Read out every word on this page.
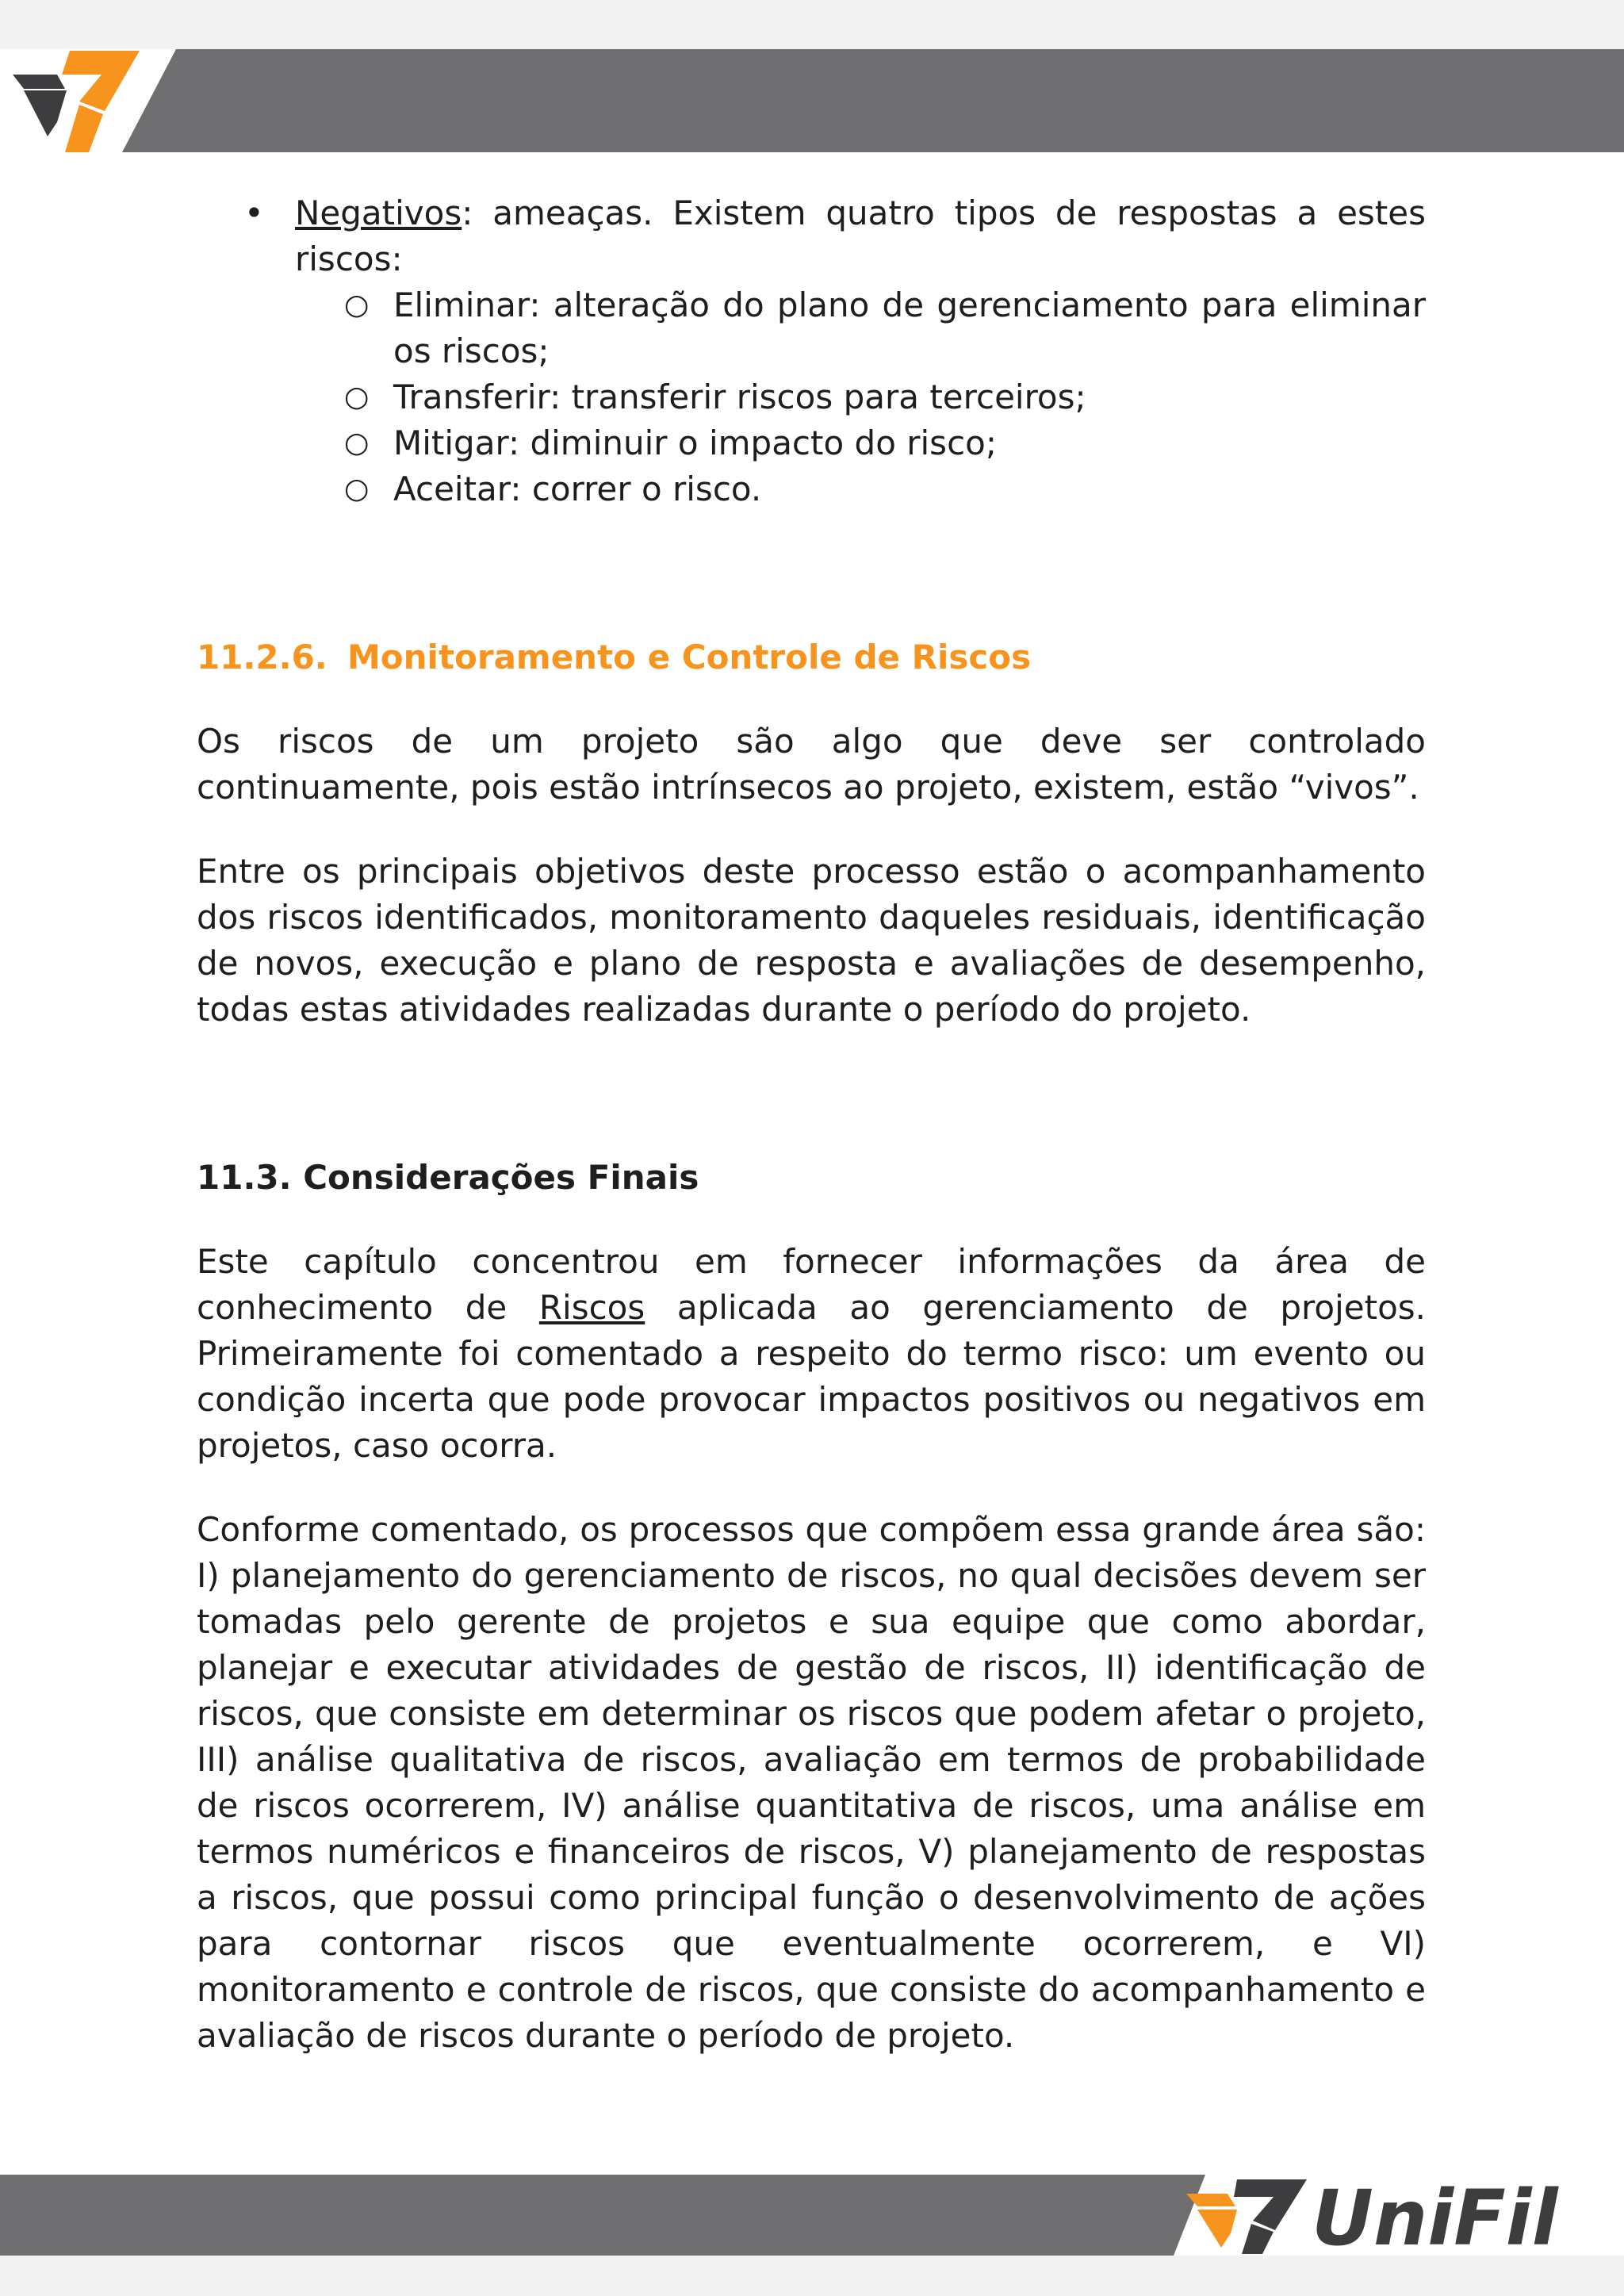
• Negativos: ameaças. Existem quatro tipos de respostas a estes riscos:
○ Eliminar: alteração do plano de gerenciamento para eliminar os riscos;
○ Transferir: transferir riscos para terceiros;
○ Mitigar: diminuir o impacto do risco;
○ Aceitar: correr o risco.
11.2.6. Monitoramento e Controle de Riscos

Os riscos de um projeto são algo que deve ser controlado continuamente, pois estão intrínsecos ao projeto, existem, estão “vivos”.

Entre os principais objetivos deste processo estão o acompanhamento dos riscos identificados, monitoramento daqueles residuais, identificação de novos, execução e plano de resposta e avaliações de desempenho, todas estas atividades realizadas durante o período do projeto.

11.3. Considerações Finais

Este capítulo concentrou em fornecer informações da área de conhecimento de Riscos aplicada ao gerenciamento de projetos. Primeiramente foi comentado a respeito do termo risco: um evento ou condição incerta que pode provocar impactos positivos ou negativos em projetos, caso ocorra.

Conforme comentado, os processos que compõem essa grande área são: I) planejamento do gerenciamento de riscos, no qual decisões devem ser tomadas pelo gerente de projetos e sua equipe que como abordar, planejar e executar atividades de gestão de riscos, II) identificação de riscos, que consiste em determinar os riscos que podem afetar o projeto, III) análise qualitativa de riscos, avaliação em termos de probabilidade de riscos ocorrerem, IV) análise quantitativa de riscos, uma análise em termos numéricos e financeiros de riscos, V) planejamento de respostas a riscos, que possui como principal função o desenvolvimento de ações para contornar riscos que eventualmente ocorrerem, e VI) monitoramento e controle de riscos, que consiste do acompanhamento e avaliação de riscos durante o período de projeto.

UniFil
